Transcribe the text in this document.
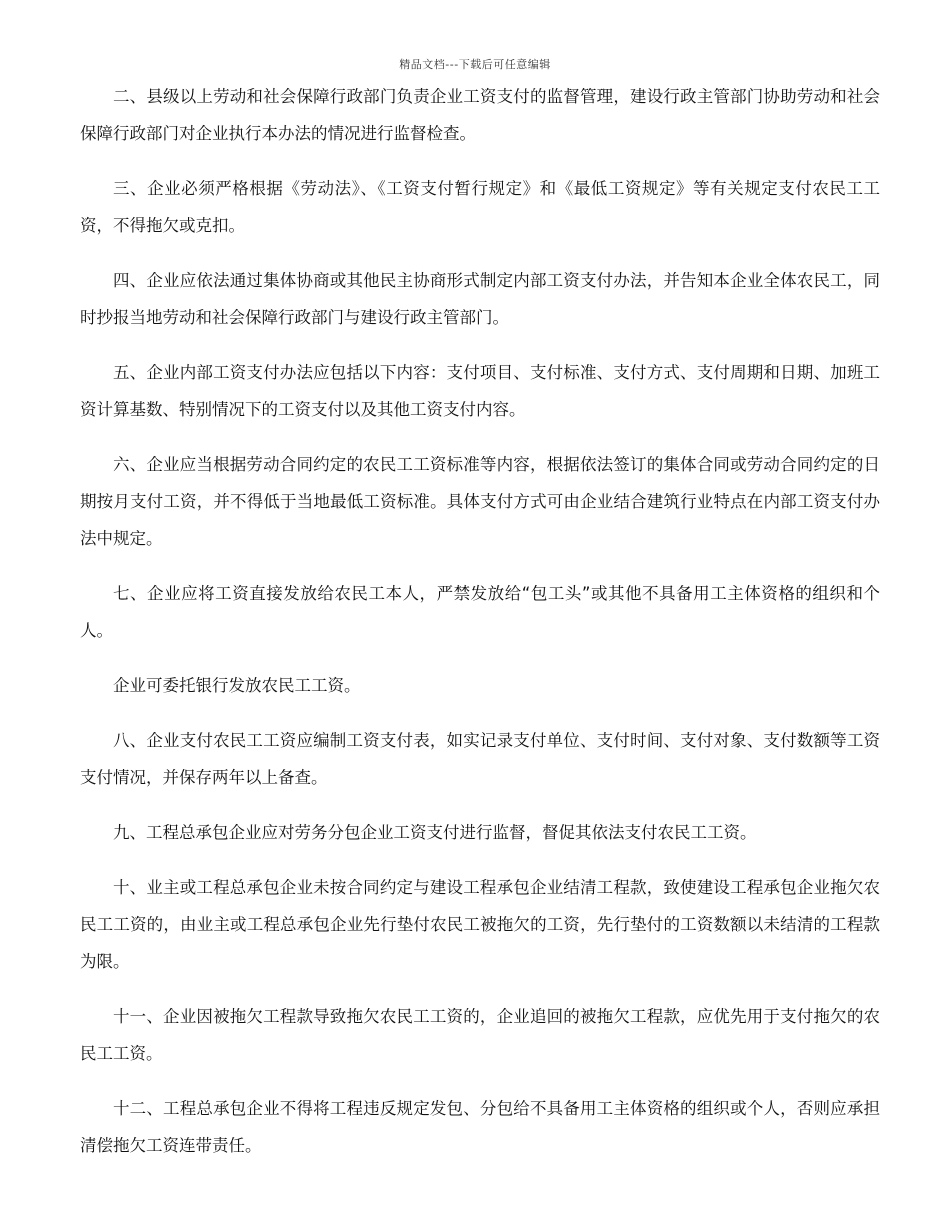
精品文档---下载后可任意编辑

二、县级以上劳动和社会保障行政部门负责企业工资支付的监督管理，建设行政主管部门协助劳动和社会保障行政部门对企业执行本办法的情况进行监督检查。

三、企业必须严格根据《劳动法》、《工资支付暂行规定》和《最低工资规定》等有关规定支付农民工工资，不得拖欠或克扣。

四、企业应依法通过集体协商或其他民主协商形式制定内部工资支付办法，并告知本企业全体农民工，同时抄报当地劳动和社会保障行政部门与建设行政主管部门。

五、企业内部工资支付办法应包括以下内容：支付项目、支付标准、支付方式、支付周期和日期、加班工资计算基数、特别情况下的工资支付以及其他工资支付内容。

六、企业应当根据劳动合同约定的农民工工资标准等内容，根据依法签订的集体合同或劳动合同约定的日期按月支付工资，并不得低于当地最低工资标准。具体支付方式可由企业结合建筑行业特点在内部工资支付办法中规定。

七、企业应将工资直接发放给农民工本人，严禁发放给“包工头”或其他不具备用工主体资格的组织和个人。

企业可委托银行发放农民工工资。

八、企业支付农民工工资应编制工资支付表，如实记录支付单位、支付时间、支付对象、支付数额等工资支付情况，并保存两年以上备查。

九、工程总承包企业应对劳务分包企业工资支付进行监督，督促其依法支付农民工工资。

十、业主或工程总承包企业未按合同约定与建设工程承包企业结清工程款，致使建设工程承包企业拖欠农民工工资的，由业主或工程总承包企业先行垫付农民工被拖欠的工资，先行垫付的工资数额以未结清的工程款为限。

十一、企业因被拖欠工程款导致拖欠农民工工资的，企业追回的被拖欠工程款，应优先用于支付拖欠的农民工工资。

十二、工程总承包企业不得将工程违反规定发包、分包给不具备用工主体资格的组织或个人，否则应承担清偿拖欠工资连带责任。
